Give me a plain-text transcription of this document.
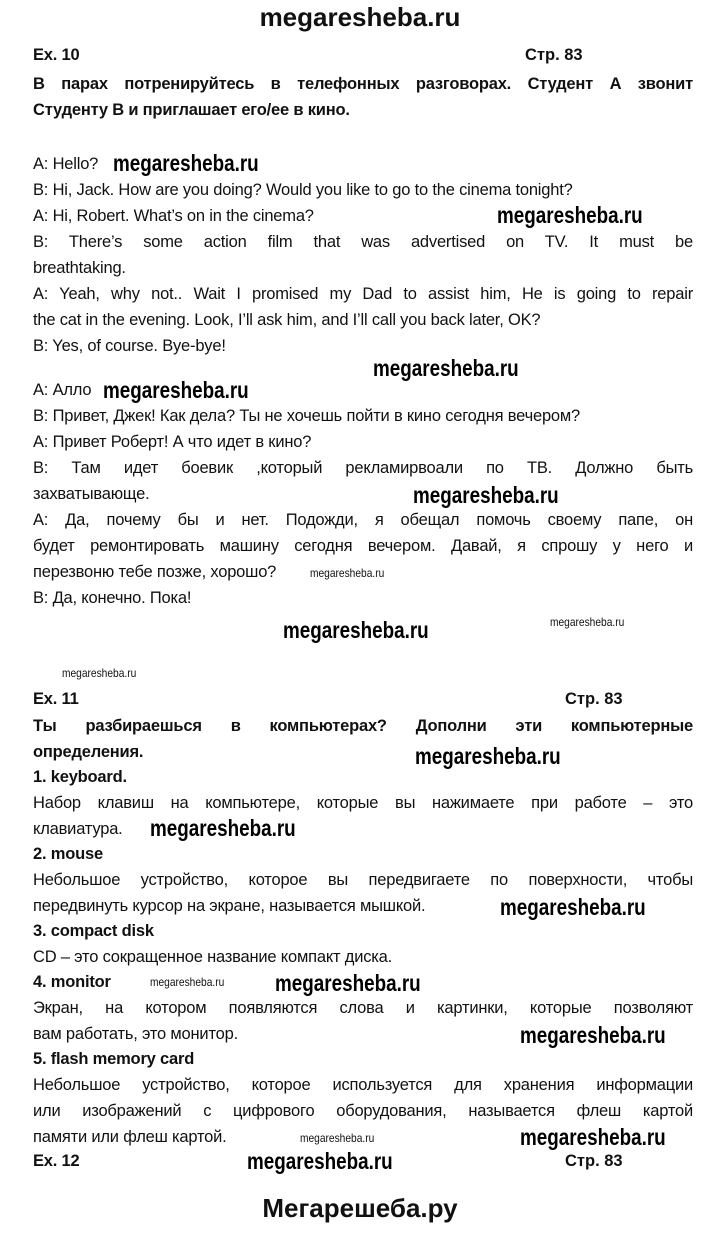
megaresheba.ru
Ex. 10	Стр. 83
В парах потренируйтесь в телефонных разговорах. Студент А звонит
Студенту В и приглашает его/ее в кино.
A: Hello?
B: Hi, Jack. How are you doing? Would you like to go to the cinema tonight?
A: Hi, Robert. What’s on in the cinema?
B: There’s some action film that was advertised on TV. It must be
breathtaking.
A: Yeah, why not.. Wait I promised my Dad to assist him, He is going to repair
the cat in the evening. Look, I’ll ask him, and I’ll call you back later, OK?
B: Yes, of course. Bye-bye!
A: Алло
B: Привет, Джек! Как дела? Ты не хочешь пойти в кино сегодня вечером?
A: Привет Роберт! А что идет в кино?
B: Там идет боевик ,который рекламирвоали по ТВ. Должно быть
захватывающе.
A: Да, почему бы и нет. Подожди, я обещал помочь своему папе, он
будет ремонтировать машину сегодня вечером. Давай, я спрошу у него и
перезвоню тебе позже, хорошо?
B: Да, конечно. Пока!
Ex. 11	Стр. 83
Ты разбираешься в компьютерах? Дополни эти компьютерные
определения.
1. keyboard.
Набор клавиш на компьютере, которые вы нажимаете при работе – это
клавиатура.
2. mouse
Небольшое устройство, которое вы передвигаете по поверхности, чтобы
передвинуть курсор на экране, называется мышкой.
3. compact disk
CD – это сокращенное название компакт диска.
4. monitor
Экран, на котором появляются слова и картинки, которые позволяют
вам работать, это монитор.
5. flash memory card
Небольшое устройство, которое используется для хранения информации
или изображений с цифрового оборудования, называется флеш картой
памяти или флеш картой.
Ex. 12	Стр. 83
megaresheba.ru
megaresheba.ru
megaresheba.ru
megaresheba.ru
megaresheba.ru
megaresheba.ru
megaresheba.ru
megaresheba.ru
megaresheba.ru
megaresheba.ru
megaresheba.ru
megaresheba.ru
megaresheba.ru
megaresheba.ru
megaresheba.ru
megaresheba.ru
megaresheba.ru
megaresheba.ru
Мегарешеба.ру
